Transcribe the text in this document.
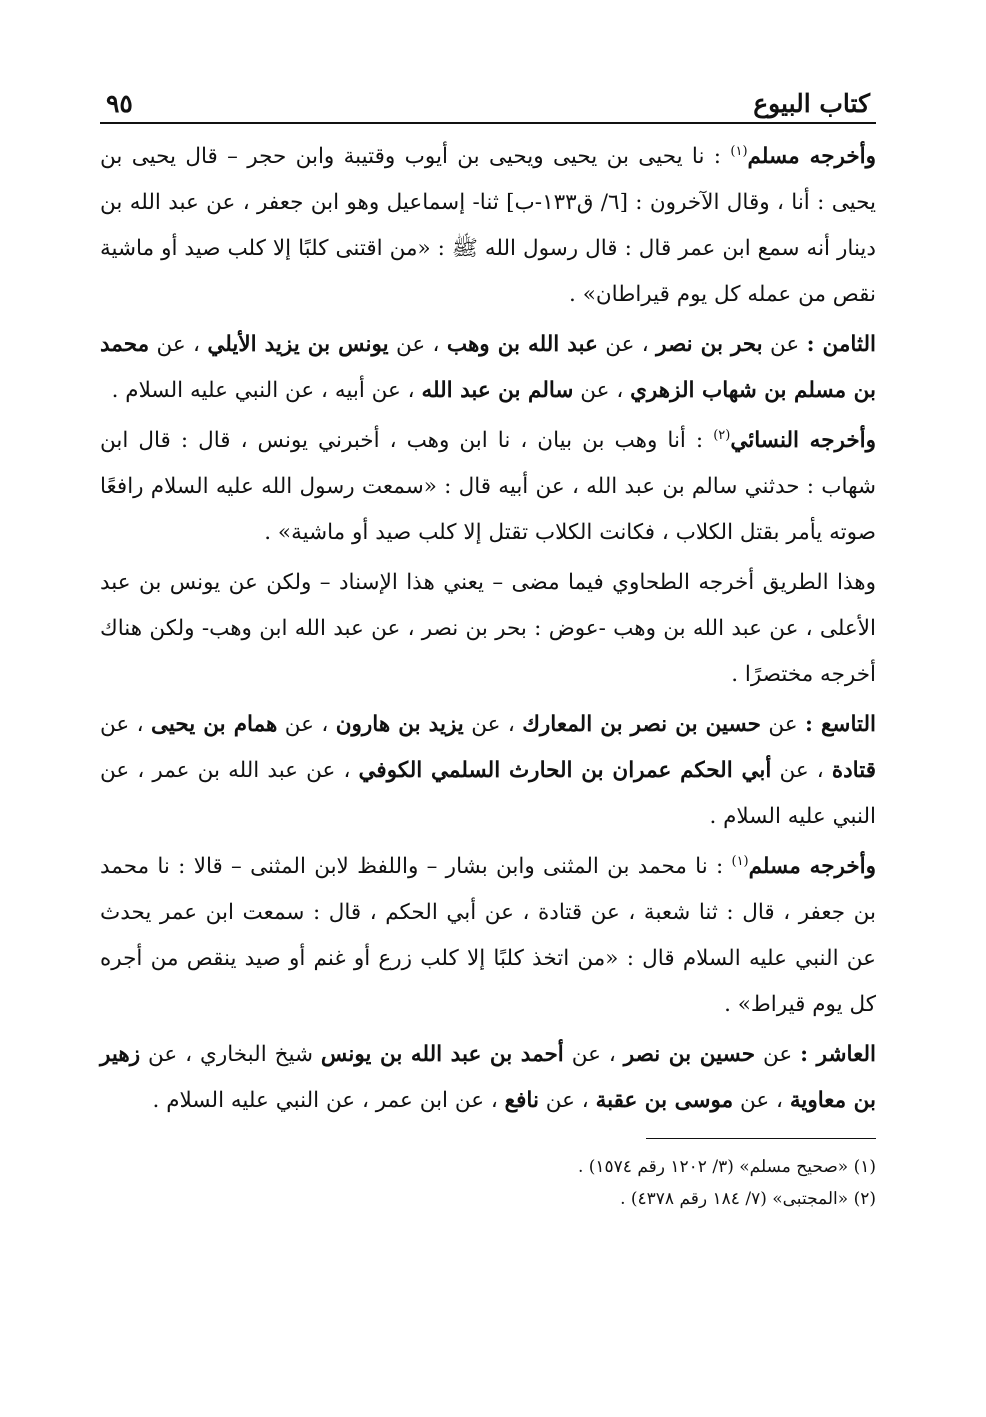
كتاب البيوع
٩٥

وأخرجه مسلم$^{(١)}$ : نا يحيى بن يحيى ويحيى بن أيوب وقتيبة وابن حجر – قال يحيى بن يحيى : أنا ، وقال الآخرون : [٦/ ق١٣٣-ب] ثنا- إسماعيل وهو ابن جعفر ، عن عبد الله بن دينار أنه سمع ابن عمر قال : قال رسول الله ﷺ : «من اقتنى كلبًا إلا كلب صيد أو ماشية نقص من عمله كل يوم قيراطان» .

الثامن : عن بحر بن نصر ، عن عبد الله بن وهب ، عن يونس بن يزيد الأيلي ، عن محمد بن مسلم بن شهاب الزهري ، عن سالم بن عبد الله ، عن أبيه ، عن النبي عليه السلام .

وأخرجه النسائي$^{(٢)}$ : أنا وهب بن بيان ، نا ابن وهب ، أخبرني يونس ، قال : قال ابن شهاب : حدثني سالم بن عبد الله ، عن أبيه قال : «سمعت رسول الله عليه السلام رافعًا صوته يأمر بقتل الكلاب ، فكانت الكلاب تقتل إلا كلب صيد أو ماشية» .

وهذا الطريق أخرجه الطحاوي فيما مضى – يعني هذا الإسناد – ولكن عن يونس بن عبد الأعلى ، عن عبد الله بن وهب -عوض : بحر بن نصر ، عن عبد الله ابن وهب- ولكن هناك أخرجه مختصرًا .

التاسع : عن حسين بن نصر بن المعارك ، عن يزيد بن هارون ، عن همام بن يحيى ، عن قتادة ، عن أبي الحكم عمران بن الحارث السلمي الكوفي ، عن عبد الله بن عمر ، عن النبي عليه السلام .

وأخرجه مسلم$^{(١)}$ : نا محمد بن المثنى وابن بشار – واللفظ لابن المثنى – قالا : نا محمد بن جعفر ، قال : ثنا شعبة ، عن قتادة ، عن أبي الحكم ، قال : سمعت ابن عمر يحدث عن النبي عليه السلام قال : «من اتخذ كلبًا إلا كلب زرع أو غنم أو صيد ينقص من أجره كل يوم قيراط» .

العاشر : عن حسين بن نصر ، عن أحمد بن عبد الله بن يونس شيخ البخاري ، عن زهير بن معاوية ، عن موسى بن عقبة ، عن نافع ، عن ابن عمر ، عن النبي عليه السلام .

(١) «صحيح مسلم» (٣/ ١٢٠٢ رقم ١٥٧٤) .

(٢) «المجتبى» (٧/ ١٨٤ رقم ٤٣٧٨) .
